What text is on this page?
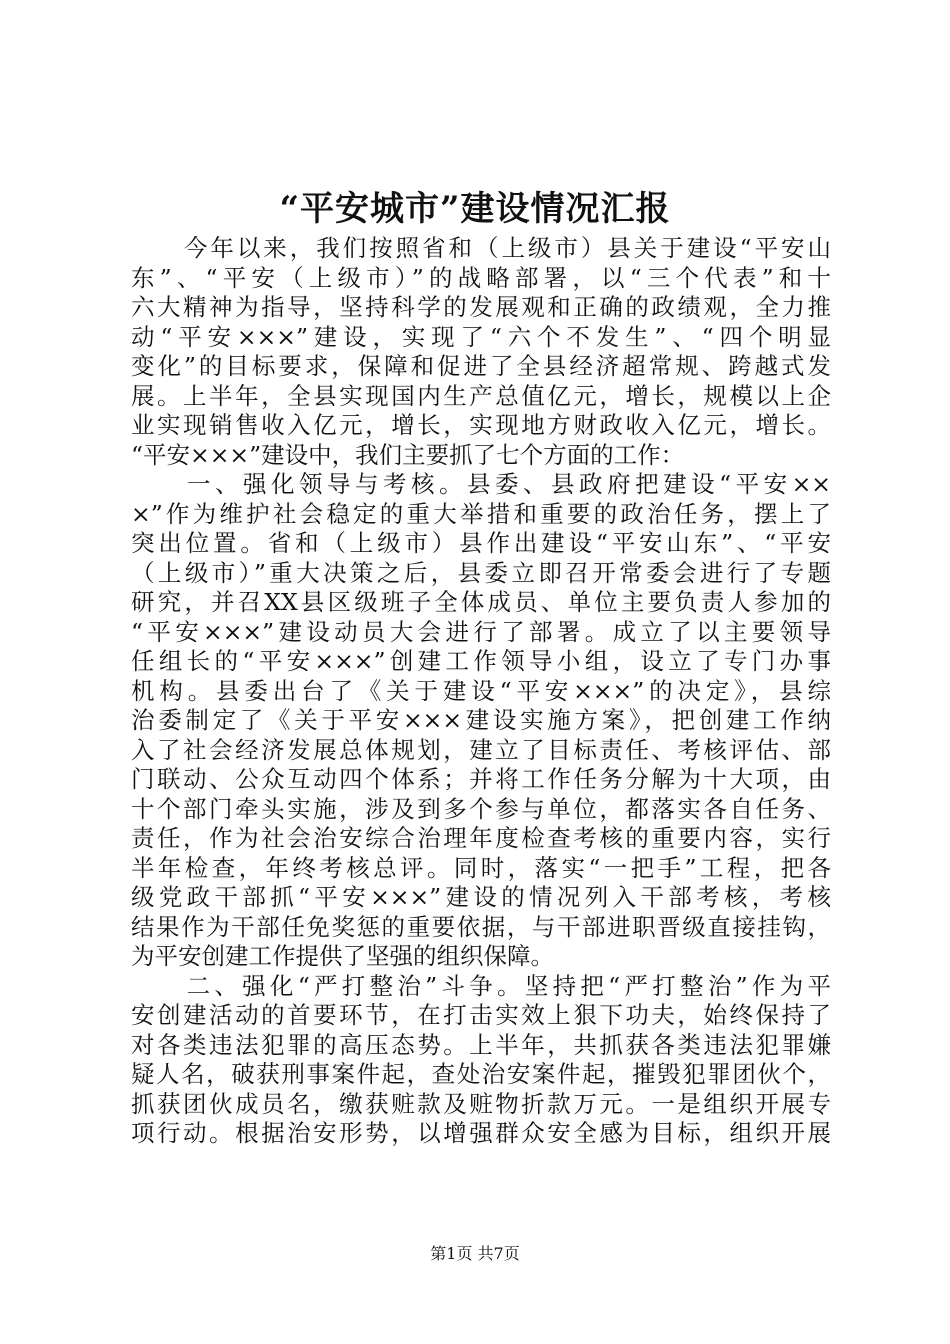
“平安城市”建设情况汇报
　　今年以来，我们按照省和（上级市）县关于建设“平安山
东”、“平安（上级市）”的战略部署，以“三个代表”和十
六大精神为指导，坚持科学的发展观和正确的政绩观，全力推
动“平安×××”建设，实现了“六个不发生”、“四个明显
变化”的目标要求，保障和促进了全县经济超常规、跨越式发
展。上半年，全县实现国内生产总值亿元，增长，规模以上企
业实现销售收入亿元，增长，实现地方财政收入亿元，增长。
“平安×××”建设中，我们主要抓了七个方面的工作：
　　一、强化领导与考核。县委、县政府把建设“平安××
×”作为维护社会稳定的重大举措和重要的政治任务，摆上了
突出位置。省和（上级市）县作出建设“平安山东”、“平安
（上级市）”重大决策之后，县委立即召开常委会进行了专题
研究，并召XX县区级班子全体成员、单位主要负责人参加的
“平安×××”建设动员大会进行了部署。成立了以主要领导
任组长的“平安×××”创建工作领导小组，设立了专门办事
机构。县委出台了《关于建设“平安×××”的决定》，县综
治委制定了《关于平安×××建设实施方案》，把创建工作纳
入了社会经济发展总体规划，建立了目标责任、考核评估、部
门联动、公众互动四个体系；并将工作任务分解为十大项，由
十个部门牵头实施，涉及到多个参与单位，都落实各自任务、
责任，作为社会治安综合治理年度检查考核的重要内容，实行
半年检查，年终考核总评。同时，落实“一把手”工程，把各
级党政干部抓“平安×××”建设的情况列入干部考核，考核
结果作为干部任免奖惩的重要依据，与干部进职晋级直接挂钩，
为平安创建工作提供了坚强的组织保障。
　　二、强化“严打整治”斗争。坚持把“严打整治”作为平
安创建活动的首要环节，在打击实效上狠下功夫，始终保持了
对各类违法犯罪的高压态势。上半年，共抓获各类违法犯罪嫌
疑人名，破获刑事案件起，查处治安案件起，摧毁犯罪团伙个，
抓获团伙成员名，缴获赃款及赃物折款万元。一是组织开展专
项行动。根据治安形势，以增强群众安全感为目标，组织开展
第1页 共7页
